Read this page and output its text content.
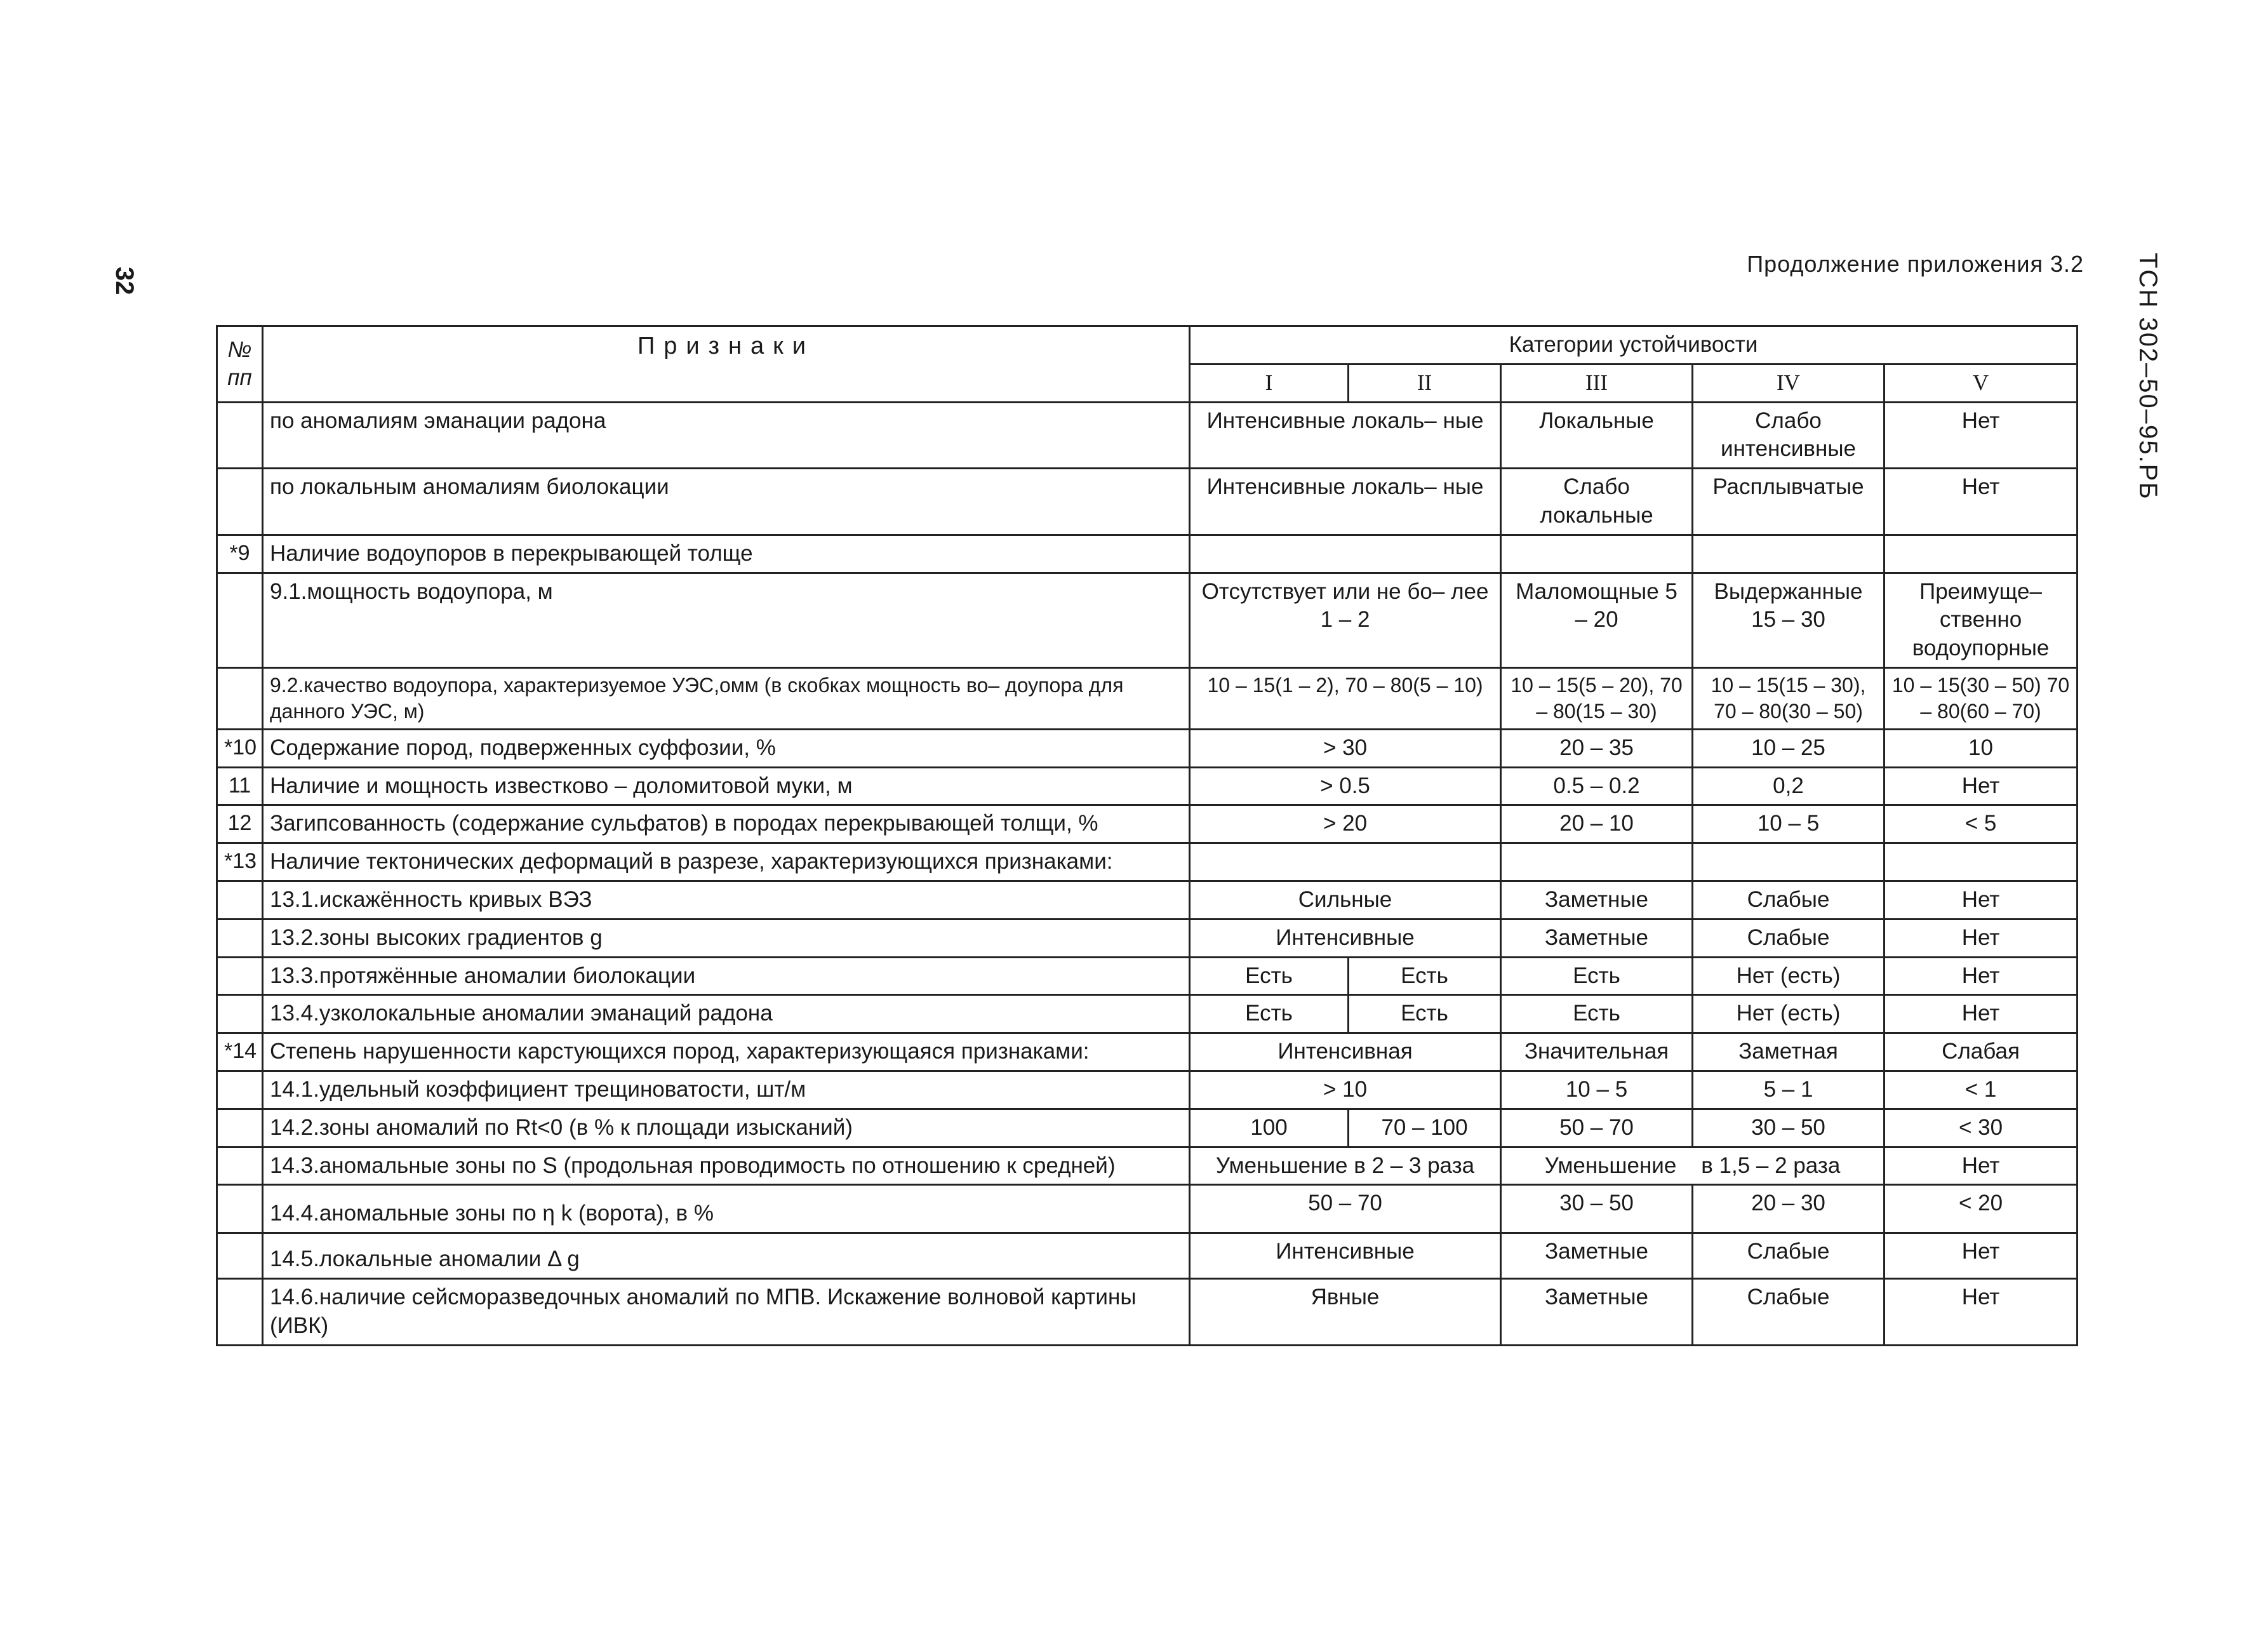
32
Продолжение приложения 3.2 ТСН 302–50–95.РБ
№ пп	Признаки	Категории устойчивости				
		I	II	III	IV	V
	по аномалиям эманации радона	Интенсивные локаль– ные		Локальные	Слабо интенсивные	Нет
	по локальным аномалиям биолокации	Интенсивные локаль– ные		Слабо локальные	Расплывчатые	Нет
*9	Наличие водоупоров в перекрывающей толще					
	9.1.мощность водоупора, м	Отсутствует или не бо– лее 1 – 2		Маломощные 5 – 20	Выдержанные 15 – 30	Преимуще– ственно водоупорные
	9.2.качество водоупора, характеризуемое УЭС,омм (в скобках мощность во– доупора для данного УЭС, м)	10 – 15(1 – 2), 70 – 80(5 – 10)		10 – 15(5 – 20), 70 – 80(15 – 30)	10 – 15(15 – 30), 70 – 80(30 – 50)	10 – 15(30 – 50) 70 – 80(60 – 70)
*10	Содержание пород, подверженных суффозии, %	> 30		20 – 35	10 – 25	10
11	Наличие и мощность известково – доломитовой муки, м	> 0.5		0.5 – 0.2	0,2	Нет
12	Загипсованность (содержание сульфатов) в породах перекрывающей толщи, %	> 20		20 – 10	10 – 5	< 5
*13	Наличие тектонических деформаций в разрезе, характеризующихся признаками:					
	13.1.искажённость кривых ВЭЗ	Сильные		Заметные	Слабые	Нет
	13.2.зоны высоких градиентов g	Интенсивные		Заметные	Слабые	Нет
	13.3.протяжённые аномалии биолокации	Есть	Есть	Есть	Нет (есть)	Нет
	13.4.узколокальные аномалии эманаций радона	Есть	Есть	Есть	Нет (есть)	Нет
*14	Степень нарушенности карстующихся пород, характеризующаяся признаками:	Интенсивная		Значительная	Заметная	Слабая
	14.1.удельный коэффициент трещиноватости, шт/м	> 10		10 – 5	5 – 1	< 1
	14.2.зоны аномалий по Rt<0 (в % к площади изысканий)	100	70 – 100	50 – 70	30 – 50	< 30
	14.3.аномальные зоны по S (продольная проводимость по отношению к средней)	Уменьшение в 2 – 3 раза		Уменьшение    в 1,5 – 2 раза		Нет
	14.4.аномальные зоны по η k (ворота), в %	50 – 70		30 – 50	20 – 30	< 20
	14.5.локальные аномалии Δ g	Интенсивные		Заметные	Слабые	Нет
	14.6.наличие сейсморазведочных аномалий по МПВ. Искажение волновой картины (ИВК)	Явные		Заметные	Слабые	Нет
